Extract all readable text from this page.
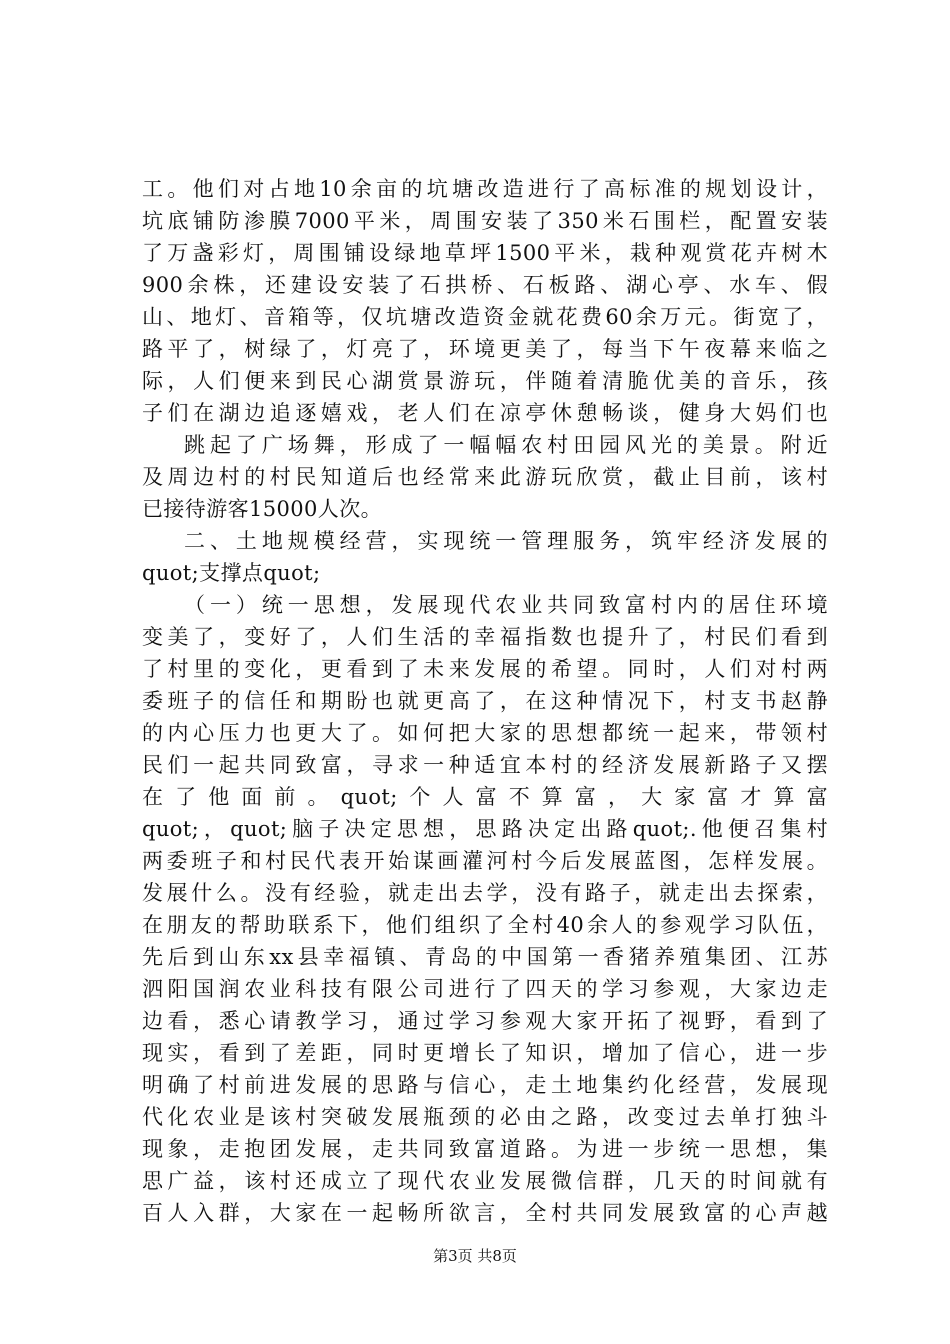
工。他们对占地10余亩的坑塘改造进行了高标准的规划设计，
坑底铺防渗膜7000平米，周围安装了350米石围栏，配置安装
了万盏彩灯，周围铺设绿地草坪1500平米，栽种观赏花卉树木
900余株，还建设安装了石拱桥、石板路、湖心亭、水车、假
山、地灯、音箱等，仅坑塘改造资金就花费60余万元。街宽了，
路平了，树绿了，灯亮了，环境更美了，每当下午夜幕来临之
际，人们便来到民心湖赏景游玩，伴随着清脆优美的音乐，孩
子们在湖边追逐嬉戏，老人们在凉亭休憩畅谈，健身大妈们也
跳起了广场舞，形成了一幅幅农村田园风光的美景。附近
及周边村的村民知道后也经常来此游玩欣赏，截止目前，该村
已接待游客15000人次。
二、土地规模经营，实现统一管理服务，筑牢经济发展的
quot;支撑点quot;
（一）统一思想，发展现代农业共同致富村内的居住环境
变美了，变好了，人们生活的幸福指数也提升了，村民们看到
了村里的变化，更看到了未来发展的希望。同时，人们对村两
委班子的信任和期盼也就更高了，在这种情况下，村支书赵静
的内心压力也更大了。如何把大家的思想都统一起来，带领村
民们一起共同致富，寻求一种适宜本村的经济发展新路子又摆
在了他面前。quot;个人富不算富，大家富才算富
quot;，quot;脑子决定思想，思路决定出路quot;.他便召集村
两委班子和村民代表开始谋画灌河村今后发展蓝图，怎样发展。
发展什么。没有经验，就走出去学，没有路子，就走出去探索，
在朋友的帮助联系下，他们组织了全村40余人的参观学习队伍，
先后到山东xx县幸福镇、青岛的中国第一香猪养殖集团、江苏
泗阳国润农业科技有限公司进行了四天的学习参观，大家边走
边看，悉心请教学习，通过学习参观大家开拓了视野，看到了
现实，看到了差距，同时更增长了知识，增加了信心，进一步
明确了村前进发展的思路与信心，走土地集约化经营，发展现
代化农业是该村突破发展瓶颈的必由之路，改变过去单打独斗
现象，走抱团发展，走共同致富道路。为进一步统一思想，集
思广益，该村还成立了现代农业发展微信群，几天的时间就有
百人入群，大家在一起畅所欲言，全村共同发展致富的心声越
第3页 共8页
